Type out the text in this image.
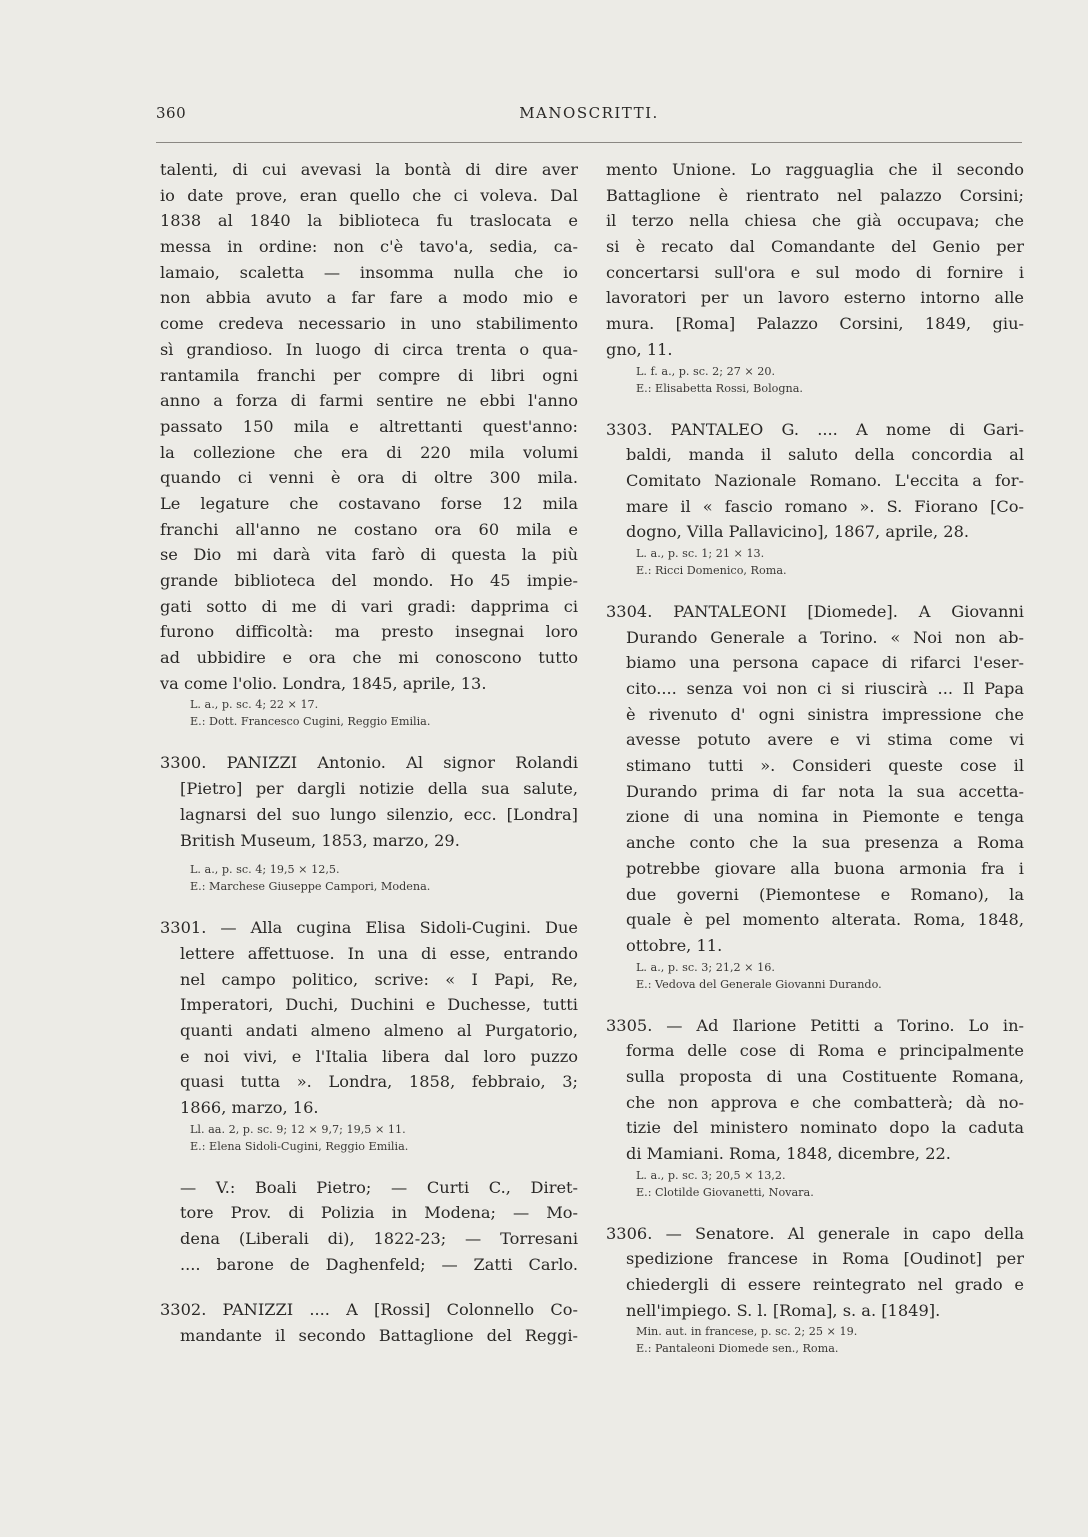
360	MANOSCRITTI.
talenti, di cui avevasi la bontà di dire aver
io date prove, eran quello che ci voleva. Dal
1838 al 1840 la biblioteca fu traslocata e
messa in ordine: non c'è tavo'a, sedia, ca-
lamaio, scaletta — insomma nulla che io
non abbia avuto a far fare a modo mio e
come credeva necessario in uno stabilimento
sì grandioso. In luogo di circa trenta o qua-
rantamila franchi per compre di libri ogni
anno a forza di farmi sentire ne ebbi l'anno
passato 150 mila e altrettanti quest'anno:
la collezione che era di 220 mila volumi
quando ci venni è ora di oltre 300 mila.
Le legature che costavano forse 12 mila
franchi all'anno ne costano ora 60 mila e
se Dio mi darà vita farò di questa la più
grande biblioteca del mondo. Ho 45 impie-
gati sotto di me di vari gradi: dapprima ci
furono difficoltà: ma presto insegnai loro
ad ubbidire e ora che mi conoscono tutto
va come l'olio. Londra, 1845, aprile, 13.
L. a., p. sc. 4; 22 × 17.
E.: Dott. Francesco Cugini, Reggio Emilia.
3300. PANIZZI Antonio. Al signor Rolandi
[Pietro] per dargli notizie della sua salute,
lagnarsi del suo lungo silenzio, ecc. [Londra]
British Museum, 1853, marzo, 29.
L. a., p. sc. 4; 19,5 × 12,5.
E.: Marchese Giuseppe Campori, Modena.
3301. — Alla cugina Elisa Sidoli-Cugini. Due
lettere affettuose. In una di esse, entrando
nel campo politico, scrive: « I Papi, Re,
Imperatori, Duchi, Duchini e Duchesse, tutti
quanti andati almeno almeno al Purgatorio,
e noi vivi, e l'Italia libera dal loro puzzo
quasi tutta ». Londra, 1858, febbraio, 3;
1866, marzo, 16.
Ll. aa. 2, p. sc. 9; 12 × 9,7; 19,5 × 11.
E.: Elena Sidoli-Cugini, Reggio Emilia.
— V.: Boali Pietro; — Curti C., Diret-
tore Prov. di Polizia in Modena; — Mo-
dena (Liberali di), 1822-23; — Torresani
.... barone de Daghenfeld; — Zatti Carlo.
3302. PANIZZI .... A [Rossi] Colonnello Co-
mandante il secondo Battaglione del Reggi-
mento Unione. Lo ragguaglia che il secondo
Battaglione è rientrato nel palazzo Corsini;
il terzo nella chiesa che già occupava; che
si è recato dal Comandante del Genio per
concertarsi sull'ora e sul modo di fornire i
lavoratori per un lavoro esterno intorno alle
mura. [Roma] Palazzo Corsini, 1849, giu-
gno, 11.
L. f. a., p. sc. 2; 27 × 20.
E.: Elisabetta Rossi, Bologna.
3303. PANTALEO G. .... A nome di Gari-
baldi, manda il saluto della concordia al
Comitato Nazionale Romano. L'eccita a for-
mare il « fascio romano ». S. Fiorano [Co-
dogno, Villa Pallavicino], 1867, aprile, 28.
L. a., p. sc. 1; 21 × 13.
E.: Ricci Domenico, Roma.
3304. PANTALEONI [Diomede]. A Giovanni
Durando Generale a Torino. « Noi non ab-
biamo una persona capace di rifarci l'eser-
cito.... senza voi non ci si riuscirà ... Il Papa
è rivenuto d' ogni sinistra impressione che
avesse potuto avere e vi stima come vi
stimano tutti ». Consideri queste cose il
Durando prima di far nota la sua accetta-
zione di una nomina in Piemonte e tenga
anche conto che la sua presenza a Roma
potrebbe giovare alla buona armonia fra i
due governi (Piemontese e Romano), la
quale è pel momento alterata. Roma, 1848,
ottobre, 11.
L. a., p. sc. 3; 21,2 × 16.
E.: Vedova del Generale Giovanni Durando.
3305. — Ad Ilarione Petitti a Torino. Lo in-
forma delle cose di Roma e principalmente
sulla proposta di una Costituente Romana,
che non approva e che combatterà; dà no-
tizie del ministero nominato dopo la caduta
di Mamiani. Roma, 1848, dicembre, 22.
L. a., p. sc. 3; 20,5 × 13,2.
E.: Clotilde Giovanetti, Novara.
3306. — Senatore. Al generale in capo della
spedizione francese in Roma [Oudinot] per
chiedergli di essere reintegrato nel grado e
nell'impiego. S. l. [Roma], s. a. [1849].
Min. aut. in francese, p. sc. 2; 25 × 19.
E.: Pantaleoni Diomede sen., Roma.
